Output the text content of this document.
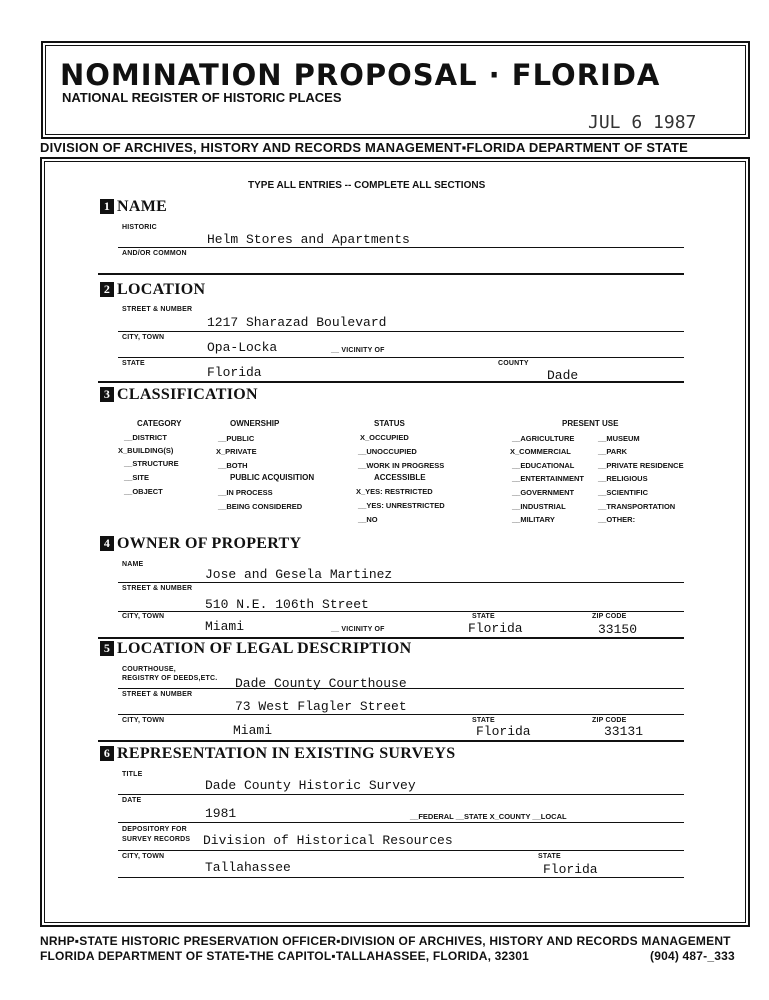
NOMINATION PROPOSAL · FLORIDA
NATIONAL REGISTER OF HISTORIC PLACES
JUL 6 1987
DIVISION OF ARCHIVES, HISTORY AND RECORDS MANAGEMENT▪FLORIDA DEPARTMENT OF STATE
TYPE ALL ENTRIES -- COMPLETE ALL SECTIONS
1 NAME
HISTORIC
Helm Stores and Apartments
AND/OR COMMON
2 LOCATION
STREET & NUMBER
1217 Sharazad Boulevard
CITY, TOWN
Opa-Locka	__ VICINITY OF
STATE
Florida
COUNTY
Dade
3 CLASSIFICATION
CATEGORY
__DISTRICT
X_BUILDING(S)
__STRUCTURE
__SITE
__OBJECT
OWNERSHIP
__PUBLIC
X_PRIVATE
__BOTH
PUBLIC ACQUISITION
__IN PROCESS
__BEING CONSIDERED
STATUS
X_OCCUPIED
__UNOCCUPIED
__WORK IN PROGRESS
ACCESSIBLE
X_YES: RESTRICTED
__YES: UNRESTRICTED
__NO
PRESENT USE
__AGRICULTURE
X_COMMERCIAL
__EDUCATIONAL
__ENTERTAINMENT
__GOVERNMENT
__INDUSTRIAL
__MILITARY
__MUSEUM
__PARK
__PRIVATE RESIDENCE
__RELIGIOUS
__SCIENTIFIC
__TRANSPORTATION
__OTHER:
4 OWNER OF PROPERTY
NAME
Jose and Gesela Martinez
STREET & NUMBER
510 N.E. 106th Street
CITY, TOWN
Miami	__ VICINITY OF
STATE
Florida
ZIP CODE
33150
5 LOCATION OF LEGAL DESCRIPTION
COURTHOUSE,
REGISTRY OF DEEDS,ETC. Dade County Courthouse
STREET & NUMBER
73 West Flagler Street
CITY, TOWN
Miami
STATE
Florida
ZIP CODE
33131
6 REPRESENTATION IN EXISTING SURVEYS
TITLE
Dade County Historic Survey
DATE
1981	__FEDERAL __STATE X_COUNTY __LOCAL
DEPOSITORY FOR
SURVEY RECORDS Division of Historical Resources
CITY, TOWN
Tallahassee
STATE
Florida
NRHP▪STATE HISTORIC PRESERVATION OFFICER▪DIVISION OF ARCHIVES, HISTORY AND RECORDS MANAGEMENT
FLORIDA DEPARTMENT OF STATE▪THE CAPITOL▪TALLAHASSEE, FLORIDA, 32301	(904) 487-_333
